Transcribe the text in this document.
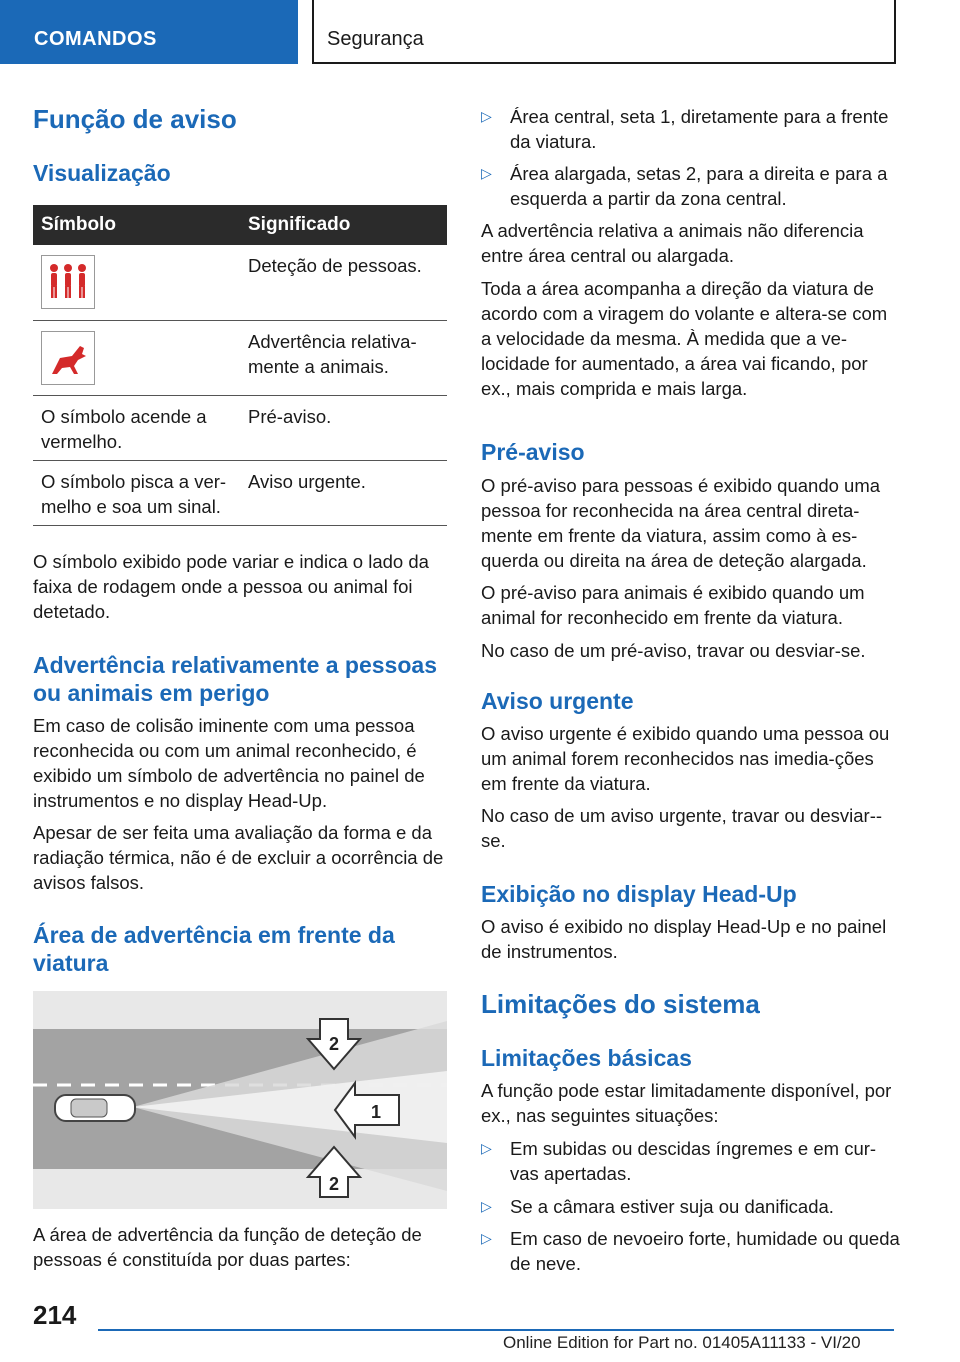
COMANDOS	Segurança
Função de aviso
Visualização
Símbolo	Significado
	Deteção de pessoas.
	Advertência relativa-mente a animais.
O símbolo acende a vermelho.	Pré-aviso.
O símbolo pisca a ver-melho e soa um sinal.	Aviso urgente.

O símbolo exibido pode variar e indica o lado da faixa de rodagem onde a pessoa ou animal foi detetado.

Advertência relativamente a pessoas ou animais em perigo

Em caso de colisão iminente com uma pessoa reconhecida ou com um animal reconhecido, é exibido um símbolo de advertência no painel de instrumentos e no display Head-Up.

Apesar de ser feita uma avaliação da forma e da radiação térmica, não é de excluir a ocorrência de avisos falsos.

Área de advertência em frente da viatura
2
1
2

A área de advertência da função de deteção de pessoas é constituída por duas partes:

▷ Área central, seta 1, diretamente para a frente da viatura.
▷ Área alargada, setas 2, para a direita e para a esquerda a partir da zona central.

A advertência relativa a animais não diferencia entre área central ou alargada.

Toda a área acompanha a direção da viatura de acordo com a viragem do volante e altera-se com a velocidade da mesma. À medida que a ve-locidade for aumentado, a área vai ficando, por ex., mais comprida e mais larga.

Pré-aviso

O pré-aviso para pessoas é exibido quando uma pessoa for reconhecida na área central direta-mente em frente da viatura, assim como à es-querda ou direita na área de deteção alargada.

O pré-aviso para animais é exibido quando um animal for reconhecido em frente da viatura.

No caso de um pré-aviso, travar ou desviar-se.

Aviso urgente

O aviso urgente é exibido quando uma pessoa ou um animal forem reconhecidos nas imedia-ções em frente da viatura.

No caso de um aviso urgente, travar ou desviar--se.

Exibição no display Head-Up

O aviso é exibido no display Head-Up e no painel de instrumentos.

Limitações do sistema
Limitações básicas

A função pode estar limitadamente disponível, por ex., nas seguintes situações:

▷ Em subidas ou descidas íngremes e em cur-vas apertadas.
▷ Se a câmara estiver suja ou danificada.
▷ Em caso de nevoeiro forte, humidade ou queda de neve.
214
Online Edition for Part no. 01405A11133 - VI/20
